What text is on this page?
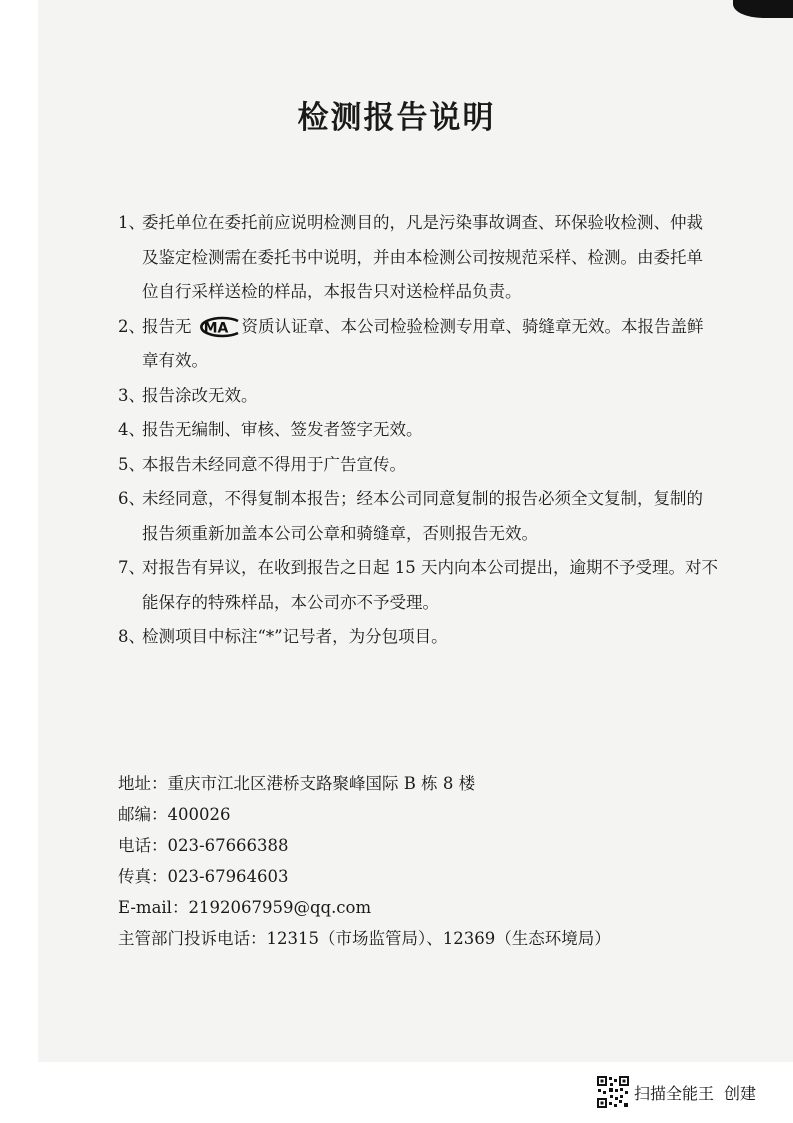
检测报告说明
1、
委托单位在委托前应说明检测目的，凡是污染事故调查、环保验收检测、仲裁及鉴定检测需在委托书中说明，并由本检测公司按规范采样、检测。由委托单位自行采样送检的样品，本报告只对送检样品负责。
2、
报告无 MA 资质认证章、本公司检验检测专用章、骑缝章无效。本报告盖鲜章有效。
3、
报告涂改无效。
4、
报告无编制、审核、签发者签字无效。
5、
本报告未经同意不得用于广告宣传。
6、
未经同意，不得复制本报告；经本公司同意复制的报告必须全文复制，复制的报告须重新加盖本公司公章和骑缝章，否则报告无效。
7、
对报告有异议，在收到报告之日起 15 天内向本公司提出，逾期不予受理。对不能保存的特殊样品，本公司亦不予受理。
8、
检测项目中标注“*”记号者，为分包项目。
地址：重庆市江北区港桥支路聚峰国际 B 栋 8 楼
邮编：400026
电话：023-67666388
传真：023-67964603
E-mail：2192067959@qq.com
主管部门投诉电话：12315（市场监管局）、12369（生态环境局）
扫描全能王 创建
